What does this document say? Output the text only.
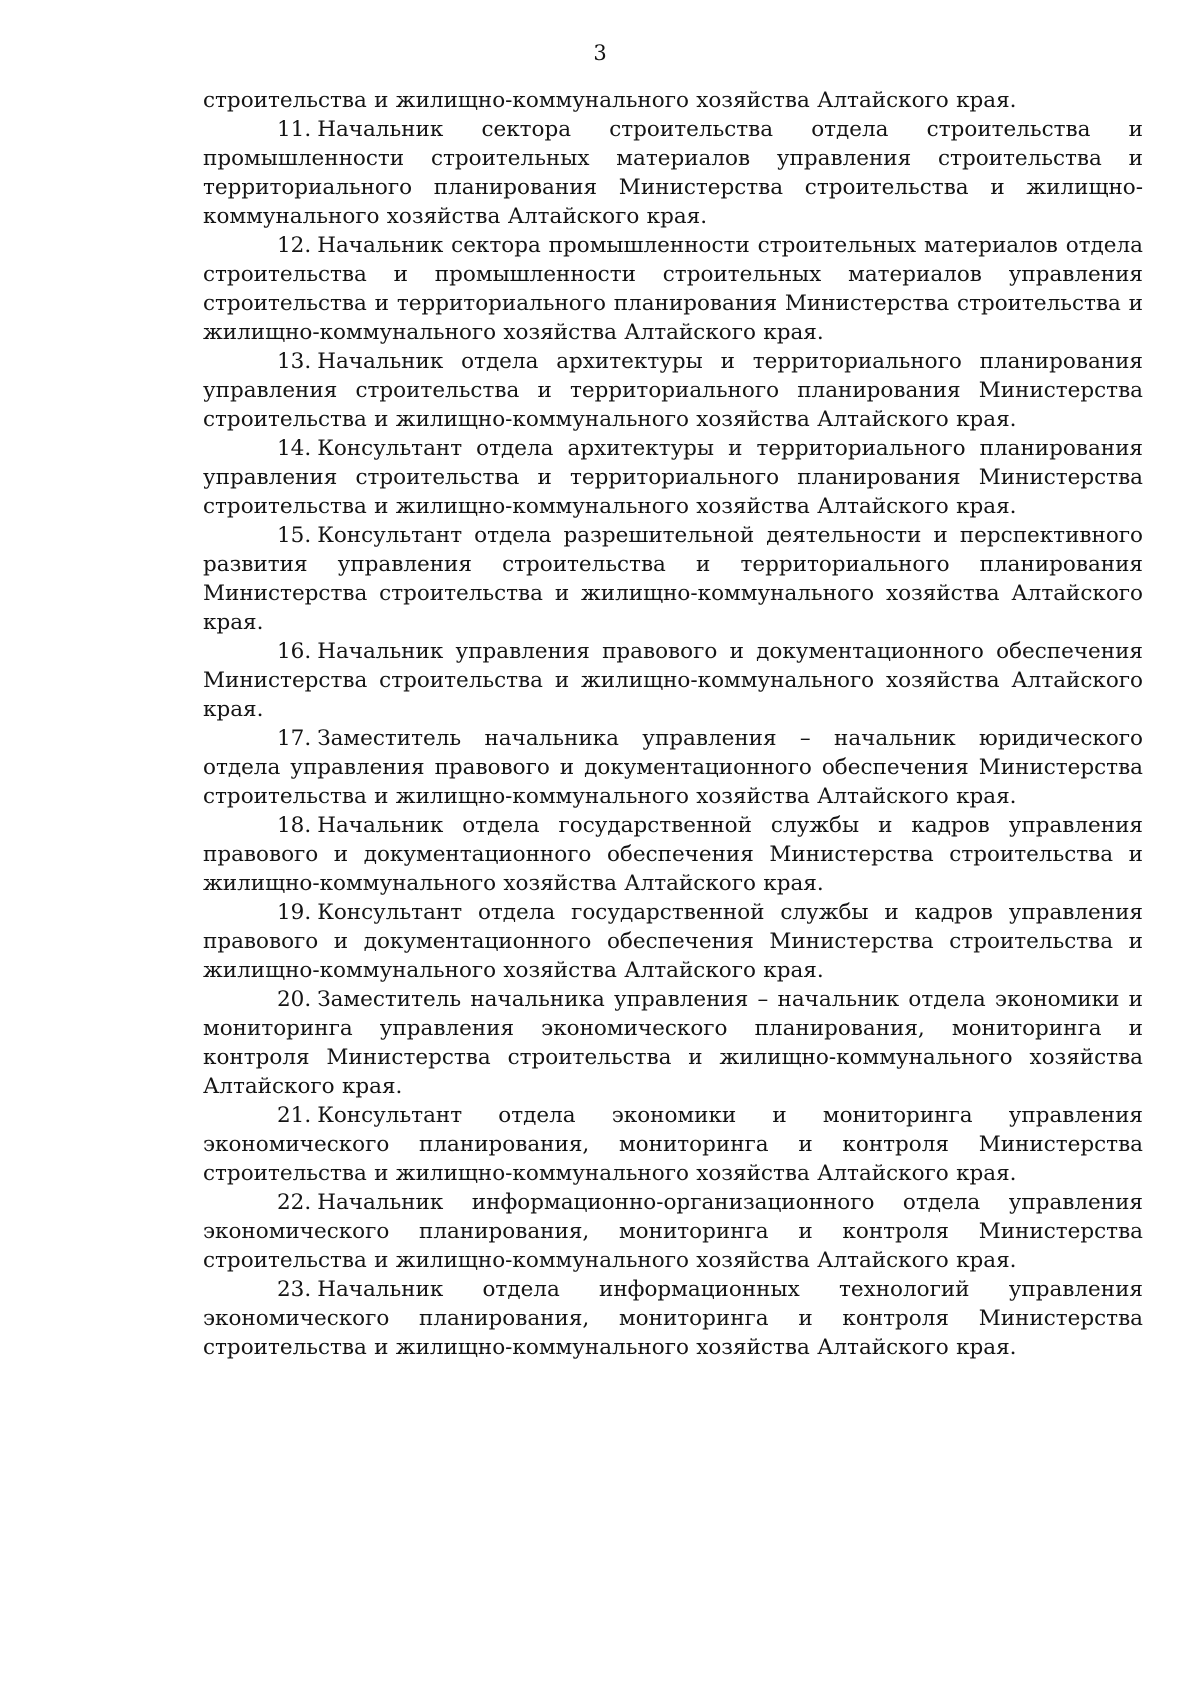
3

строительства и жилищно-коммунального хозяйства Алтайского края.

11. Начальник сектора строительства отдела строительства и промышленности строительных материалов управления строительства и территориального планирования Министерства строительства и жилищно-коммунального хозяйства Алтайского края.

12. Начальник сектора промышленности строительных материалов отдела строительства и промышленности строительных материалов управления строительства и территориального планирования Министерства строительства и жилищно-коммунального хозяйства Алтайского края.

13. Начальник отдела архитектуры и территориального планирования управления строительства и территориального планирования Министерства строительства и жилищно-коммунального хозяйства Алтайского края.

14. Консультант отдела архитектуры и территориального планирования управления строительства и территориального планирования Министерства строительства и жилищно-коммунального хозяйства Алтайского края.

15. Консультант отдела разрешительной деятельности и перспективного развития управления строительства и территориального планирования Министерства строительства и жилищно-коммунального хозяйства Алтайского края.

16. Начальник управления правового и документационного обеспечения Министерства строительства и жилищно-коммунального хозяйства Алтайского края.

17. Заместитель начальника управления – начальник юридического отдела управления правового и документационного обеспечения Министерства строительства и жилищно-коммунального хозяйства Алтайского края.

18. Начальник отдела государственной службы и кадров управления правового и документационного обеспечения Министерства строительства и жилищно-коммунального хозяйства Алтайского края.

19. Консультант отдела государственной службы и кадров управления правового и документационного обеспечения Министерства строительства и жилищно-коммунального хозяйства Алтайского края.

20. Заместитель начальника управления – начальник отдела экономики и мониторинга управления экономического планирования, мониторинга и контроля Министерства строительства и жилищно-коммунального хозяйства Алтайского края.

21. Консультант отдела экономики и мониторинга управления экономического планирования, мониторинга и контроля Министерства строительства и жилищно-коммунального хозяйства Алтайского края.

22. Начальник информационно-организационного отдела управления экономического планирования, мониторинга и контроля Министерства строительства и жилищно-коммунального хозяйства Алтайского края.

23. Начальник отдела информационных технологий управления экономического планирования, мониторинга и контроля Министерства строительства и жилищно-коммунального хозяйства Алтайского края.
